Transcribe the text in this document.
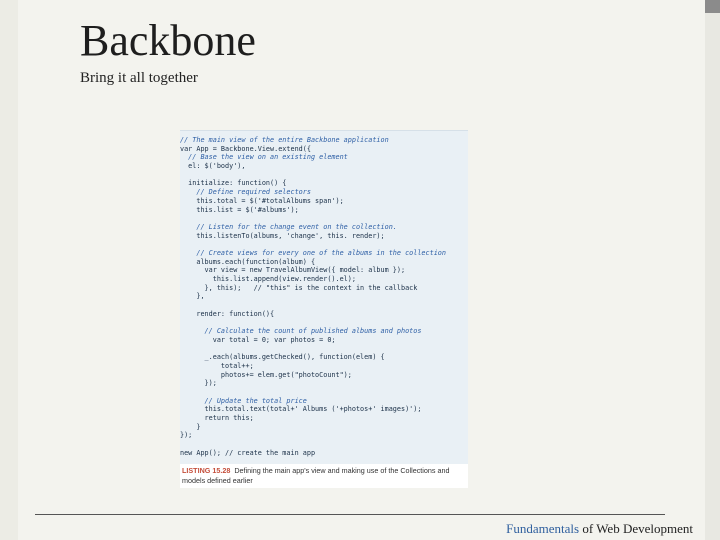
Backbone
Bring it all together
// The main view of the entire Backbone application
var App = Backbone.View.extend({
// Base the view on an existing element
el: $('body'),
initialize: function() {
// Define required selectors
this.total = $('#totalAlbums span');
this.list = $('#albums');
// Listen for the change event on the collection.
this.listenTo(albums, 'change', this. render);
// Create views for every one of the albums in the collection
albums.each(function(album) {
var view = new TravelAlbumView({ model: album });
this.list.append(view.render().el);
}, this);   // "this" is the context in the callback
},
render: function(){
// Calculate the count of published albums and photos
var total = 0; var photos = 0;
_.each(albums.getChecked(), function(elem) {
total++;
photos+= elem.get("photoCount");
});
// Update the total price
this.total.text(total+' Albums ('+photos+' images)');
return this;
}
});
new App(); // create the main app
LISTING 15.28 Defining the main app's view and making use of the Collections and models defined earlier
Fundamentals of Web Development
